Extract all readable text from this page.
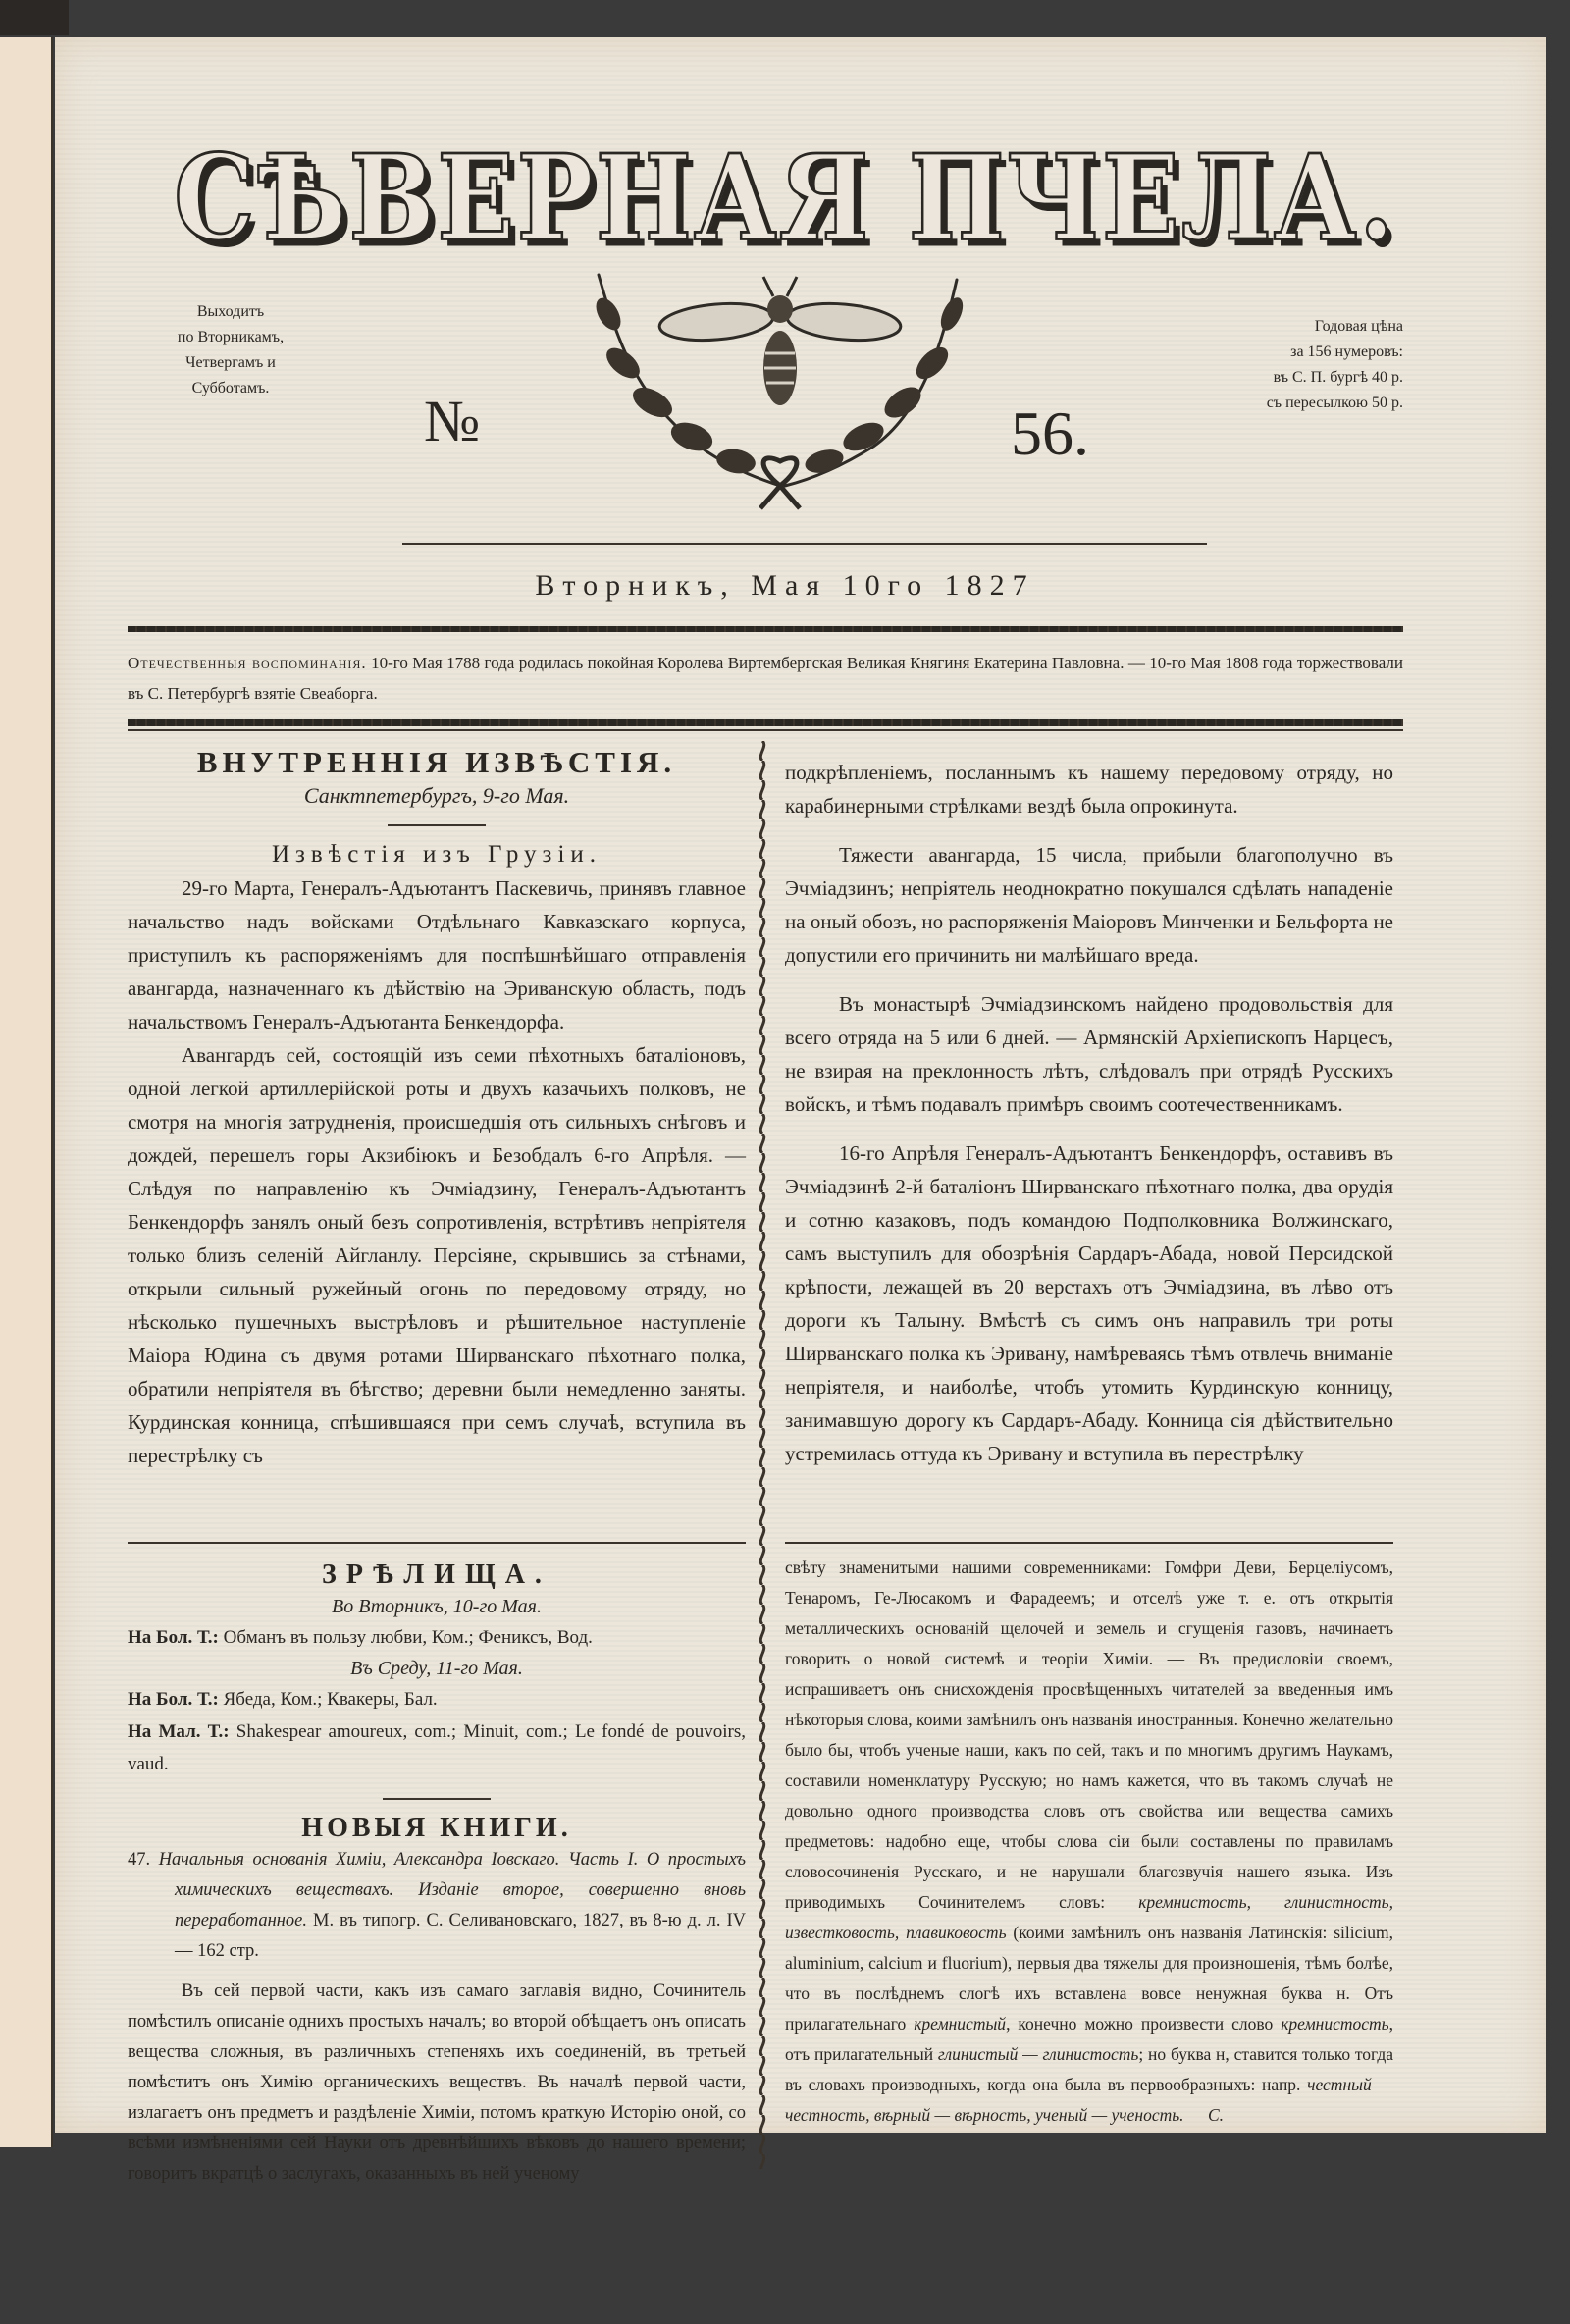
СѢВЕРНАЯ ПЧЕЛА.
Выходитъ
по Вторникамъ,
Четвергамъ и
Субботамъ.
Годовая цѣна
за 156 нумеровъ:
въ С. П. бургѣ 40 р.
съ пересылкою 50 р.
№	56.
Вторникъ, Мая 10го 1827
Отечественныя воспоминанія. 10-го Мая 1788 года родилась покойная Королева Виртембергская Великая Княгиня Екатерина Павловна. — 10-го Мая 1808 года торжествовали въ С. Петербургѣ взятіе Свеаборга.

ВНУТРЕННІЯ ИЗВѢСТІЯ.

Санктпетербургъ, 9-го Мая.

Извѣстія изъ Грузіи.

29-го Марта, Генералъ-Адъютантъ Паскевичь, принявъ главное начальство надъ войсками Отдѣльнаго Кавказскаго корпуса, приступилъ къ распоряженіямъ для поспѣшнѣйшаго отправленія авангарда, назначеннаго къ дѣйствію на Эриванскую область, подъ начальствомъ Генералъ-Адъютанта Бенкендорфа.

Авангардъ сей, состоящій изъ семи пѣхотныхъ баталіоновъ, одной легкой артиллерійской роты и двухъ казачьихъ полковъ, не смотря на многія затрудненія, происшедшія отъ сильныхъ снѣговъ и дождей, перешелъ горы Акзибіюкъ и Безобдалъ 6-го Апрѣля. — Слѣдуя по направленію къ Эчміадзину, Генералъ-Адъютантъ Бенкендорфъ занялъ оный безъ сопротивленія, встрѣтивъ непріятеля только близъ селеній Айгланлу. Персіяне, скрывшись за стѣнами, открыли сильный ружейный огонь по передовому отряду, но нѣсколько пушечныхъ выстрѣловъ и рѣшительное наступленіе Маіора Юдина съ двумя ротами Ширванскаго пѣхотнаго полка, обратили непріятеля въ бѣгство; деревни были немедленно заняты. Курдинская конница, спѣшившаяся при семъ случаѣ, вступила въ перестрѣлку съ

ЗРѢЛИЩА.

Во Вторникъ, 10-го Мая.

На Бол. Т.: Обманъ въ пользу любви, Ком.; Фениксъ, Вод.

Въ Среду, 11-го Мая.

На Бол. Т.: Ябеда, Ком.; Квакеры, Бал.

На Мал. Т.: Shakespear amoureux, com.; Minuit, com.; Le fondé de pouvoirs, vaud.

НОВЫЯ КНИГИ.

47. Начальныя основанія Химіи, Александра Іовскаго. Часть I. О простыхъ химическихъ веществахъ. Изданіе второе, совершенно вновь переработанное. М. въ типогр. С. Селивановскаго, 1827, въ 8-ю д. л. IV — 162 стр.

Въ сей первой части, какъ изъ самаго заглавія видно, Сочинитель помѣстилъ описаніе однихъ простыхъ началъ; во второй обѣщаетъ онъ описать вещества сложныя, въ различныхъ степеняхъ ихъ соединеній, въ третьей помѣститъ онъ Химію органическихъ веществъ. Въ началѣ первой части, излагаетъ онъ предметъ и раздѣленіе Химіи, потомъ краткую Исторію оной, со всѣми измѣненіями сей Науки отъ древнѣйшихъ вѣковъ до нашего времени; говоритъ вкратцѣ о заслугахъ, оказанныхъ въ ней ученому

подкрѣпленіемъ, посланнымъ къ нашему передовому отряду, но карабинерными стрѣлками вездѣ была опрокинута.

Тяжести авангарда, 15 числа, прибыли благополучно въ Эчміадзинъ; непріятель неоднократно покушался сдѣлать нападеніе на оный обозъ, но распоряженія Маіоровъ Минченки и Бельфорта не допустили его причинить ни малѣйшаго вреда.

Въ монастырѣ Эчміадзинскомъ найдено продовольствія для всего отряда на 5 или 6 дней. — Армянскій Архіепископъ Нарцесъ, не взирая на преклонность лѣтъ, слѣдовалъ при отрядѣ Русскихъ войскъ, и тѣмъ подавалъ примѣръ своимъ соотечественникамъ.

16-го Апрѣля Генералъ-Адъютантъ Бенкендорфъ, оставивъ въ Эчміадзинѣ 2-й баталіонъ Ширванскаго пѣхотнаго полка, два орудія и сотню казаковъ, подъ командою Подполковника Волжинскаго, самъ выступилъ для обозрѣнія Сардаръ-Абада, новой Персидской крѣпости, лежащей въ 20 верстахъ отъ Эчміадзина, въ лѣво отъ дороги къ Талыну. Вмѣстѣ съ симъ онъ направилъ три роты Ширванскаго полка къ Эривану, намѣреваясь тѣмъ отвлечь вниманіе непріятеля, и наиболѣе, чтобъ утомить Курдинскую конницу, занимавшую дорогу къ Сардаръ-Абаду. Конница сія дѣйствительно устремилась оттуда къ Эривану и вступила въ перестрѣлку

свѣту знаменитыми нашими современниками: Гомфри Деви, Берцеліусомъ, Тенаромъ, Ге-Люсакомъ и Фарадеемъ; и отселѣ уже т. е. отъ открытія металлическихъ основаній щелочей и земель и сгущенія газовъ, начинаетъ говорить о новой системѣ и теоріи Химіи. — Въ предисловіи своемъ, испрашиваетъ онъ снисхожденія просвѣщенныхъ читателей за введенныя имъ нѣкоторыя слова, коими замѣнилъ онъ названія иностранныя. Конечно желательно было бы, чтобъ ученые наши, какъ по сей, такъ и по многимъ другимъ Наукамъ, составили номенклатуру Русскую; но намъ кажется, что въ такомъ случаѣ не довольно одного производства словъ отъ свойства или вещества самихъ предметовъ: надобно еще, чтобы слова сіи были составлены по правиламъ словосочиненія Русскаго, и не нарушали благозвучія нашего языка. Изъ приводимыхъ Сочинителемъ словъ: кремнистость, глинистность, известковость, плавиковость (коими замѣнилъ онъ названія Латинскія: silicium, aluminium, calcium и fluorium), первыя два тяжелы для произношенія, тѣмъ болѣе, что въ послѣднемъ слогѣ ихъ вставлена вовсе ненужная буква н. Отъ прилагательнаго кремнистый, конечно можно произвести слово кремнистость, отъ прилагательный глинистый — глинистость; но буква н, ставится только тогда въ словахъ производныхъ, когда она была въ первообразныхъ: напр. честный — честность, вѣрный — вѣрность, ученый — ученость. С.
